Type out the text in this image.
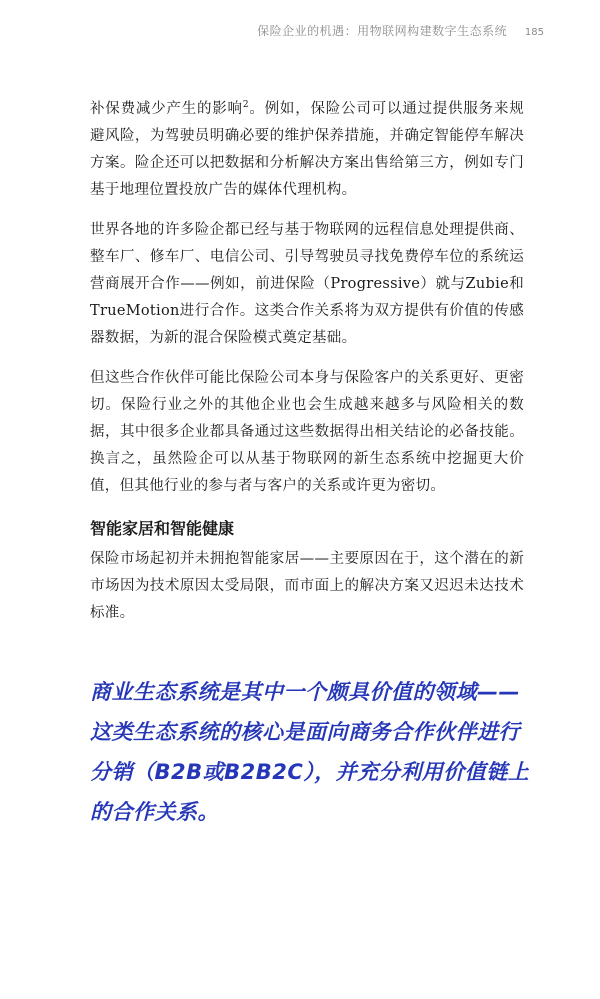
保险企业的机遇：用物联网构建数字生态系统 185

补保费减少产生的影响$^2$。例如，保险公司可以通过提供服务来规避风险，为驾驶员明确必要的维护保养措施，并确定智能停车解决方案。险企还可以把数据和分析解决方案出售给第三方，例如专门基于地理位置投放广告的媒体代理机构。

世界各地的许多险企都已经与基于物联网的远程信息处理提供商、整车厂、修车厂、电信公司、引导驾驶员寻找免费停车位的系统运营商展开合作——例如，前进保险（Progressive）就与Zubie和TrueMotion进行合作。这类合作关系将为双方提供有价值的传感器数据，为新的混合保险模式奠定基础。

但这些合作伙伴可能比保险公司本身与保险客户的关系更好、更密切。保险行业之外的其他企业也会生成越来越多与风险相关的数据，其中很多企业都具备通过这些数据得出相关结论的必备技能。换言之，虽然险企可以从基于物联网的新生态系统中挖掘更大价值，但其他行业的参与者与客户的关系或许更为密切。

智能家居和智能健康

保险市场起初并未拥抱智能家居——主要原因在于，这个潜在的新市场因为技术原因太受局限，而市面上的解决方案又迟迟未达技术标准。

商业生态系统是其中一个颇具价值的领域——这类生态系统的核心是面向商务合作伙伴进行分销（B2B或B2B2C），并充分利用价值链上的合作关系。
